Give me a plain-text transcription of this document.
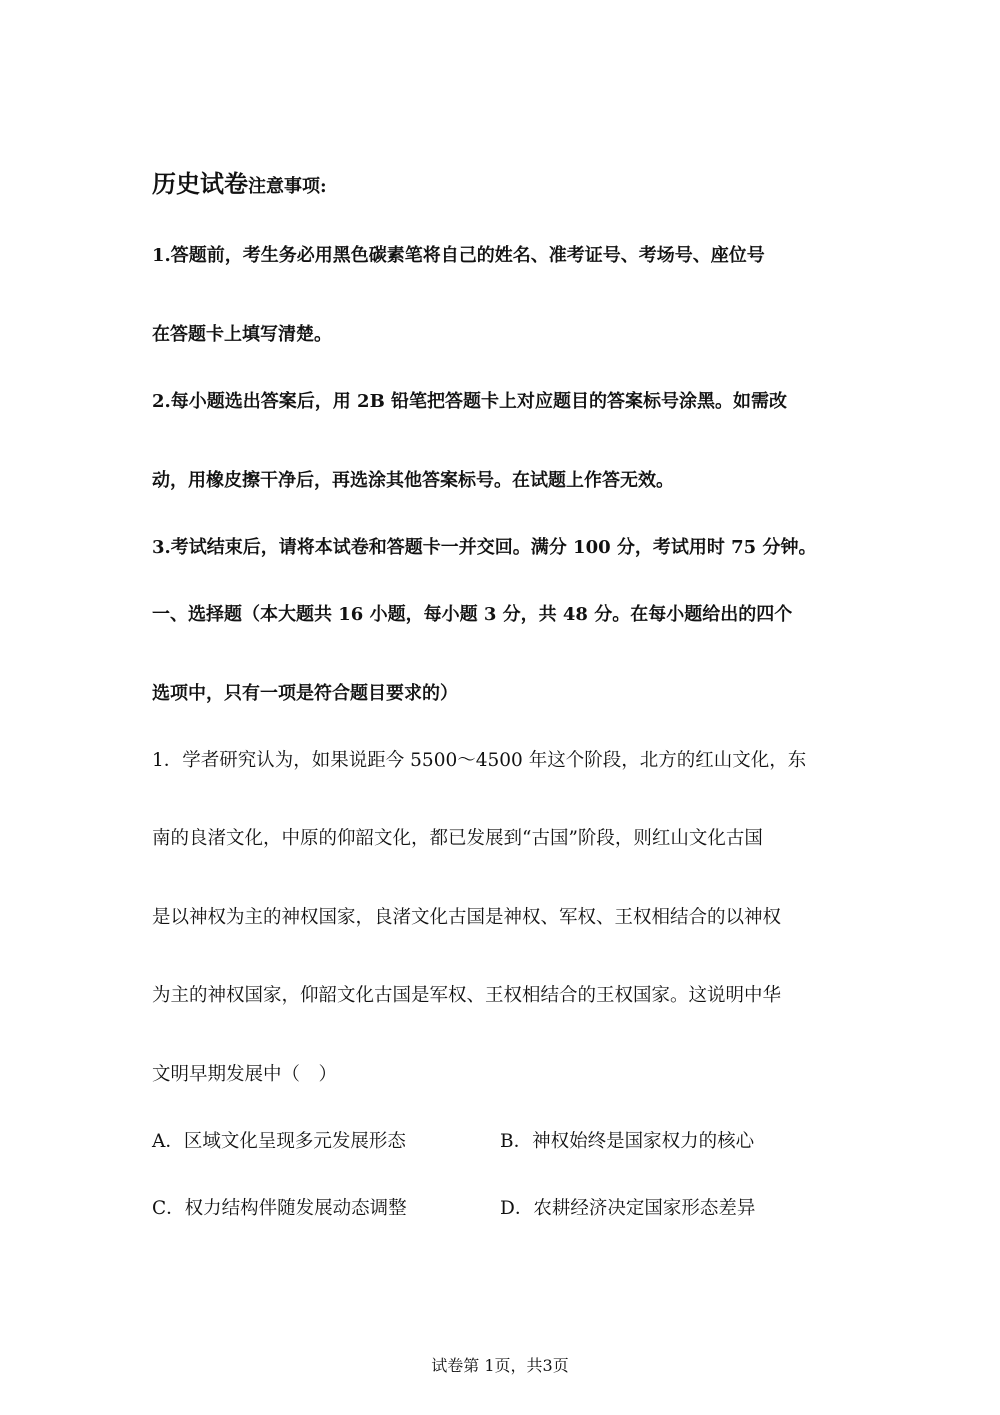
历史试卷注意事项:
1.答题前，考生务必用黑色碳素笔将自己的姓名、准考证号、考场号、座位号
在答题卡上填写清楚。
2.每小题选出答案后，用 2B 铅笔把答题卡上对应题目的答案标号涂黑。如需改
动，用橡皮擦干净后，再选涂其他答案标号。在试题上作答无效。
3.考试结束后，请将本试卷和答题卡一并交回。满分 100 分，考试用时 75 分钟。
一、选择题（本大题共 16 小题，每小题 3 分，共 48 分。在每小题给出的四个
选项中，只有一项是符合题目要求的）
1．学者研究认为，如果说距今 5500～4500 年这个阶段，北方的红山文化，东
南的良渚文化，中原的仰韶文化，都已发展到“古国”阶段，则红山文化古国
是以神权为主的神权国家，良渚文化古国是神权、军权、王权相结合的以神权
为主的神权国家，仰韶文化古国是军权、王权相结合的王权国家。这说明中华
文明早期发展中（　）
A．区域文化呈现多元发展形态	B．神权始终是国家权力的核心
C．权力结构伴随发展动态调整	D．农耕经济决定国家形态差异
试卷第 1页，共3页
